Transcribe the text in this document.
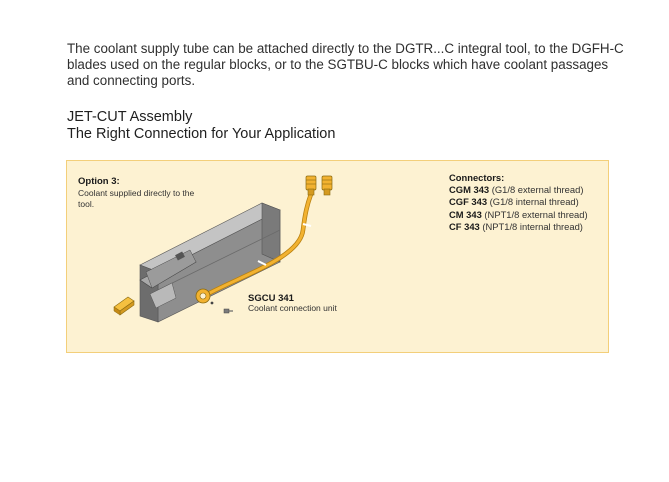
The coolant supply tube can be attached directly to the DGTR...C integral tool, to the DGFH-C blades used on the regular blocks, or to the SGTBU-C blocks which have coolant passages and connecting ports.

JET-CUT Assembly
The Right Connection for Your Application

Option 3:

Coolant supplied directly to the tool.

Connectors:
CGM 343 (G1/8 external thread)
CGF 343 (G1/8 internal thread)
CM 343 (NPT1/8 external thread)
CF 343 (NPT1/8 internal thread)

SGCU 341

Coolant connection unit
